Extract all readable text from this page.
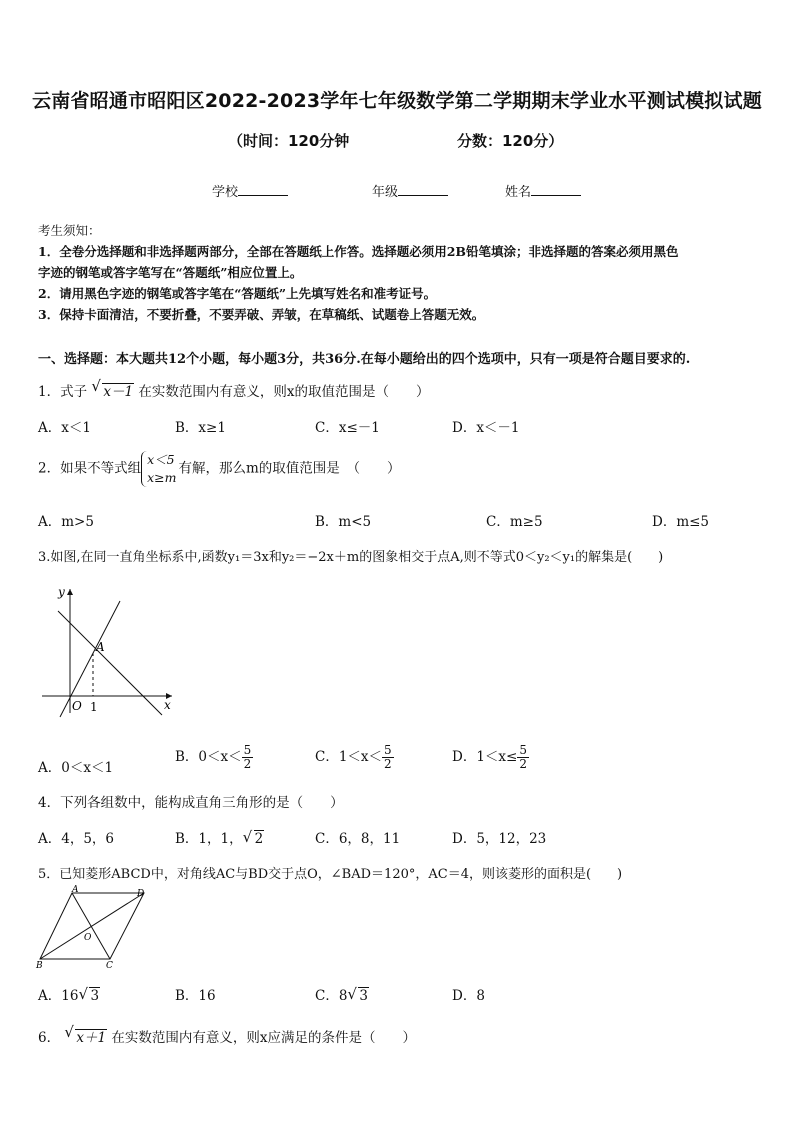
云南省昭通市昭阳区2022-2023学年七年级数学第二学期期末学业水平测试模拟试题
（时间：120分钟	分数：120分）
学校	年级	姓名

考生须知：

1．全卷分选择题和非选择题两部分，全部在答题纸上作答。选择题必须用2B铅笔填涂；非选择题的答案必须用黑色

字迹的钢笔或答字笔写在“答题纸”相应位置上。

2．请用黑色字迹的钢笔或答字笔在“答题纸”上先填写姓名和准考证号。

3．保持卡面清洁，不要折叠，不要弄破、弄皱，在草稿纸、试题卷上答题无效。

一、选择题：本大题共12个小题，每小题3分，共36分.在每小题给出的四个选项中，只有一项是符合题目要求的.
1．式子 √ x－1 在实数范围内有意义，则x的取值范围是（　　）
A．x＜1	B．x≥1	C．x≤－1	D．x＜－1
2．如果不等式组
x＜5
x≥m
有解，那么m的取值范围是　（　　）
A．m>5	B．m<5	C．m≥5	D．m≤5
3.如图,在同一直角坐标系中,函数y₁＝3x和y₂＝−2x＋m的图象相交于点A,则不等式0＜y₂＜y₁的解集是(　　)
y
x
O
A
1
A．0＜x＜1
B．$0<x< \frac{5}{2}$	C．$1<x< \frac{5}{2}$	D．$1<x\le \frac{5}{2}$
4．下列各组数中，能构成直角三角形的是（　　）
A．4，5，6	B．1，1， √ 2	C．6，8，11	D．5，12，23
5．已知菱形ABCD中，对角线AC与BD交于点O，∠BAD＝120°，AC＝4，则该菱形的面积是(　　)
A	D
B	C
O
A．16 √ 3	B．16	C．8 √ 3	D．8
6． √ x＋1 在实数范围内有意义，则x应满足的条件是（　　）
